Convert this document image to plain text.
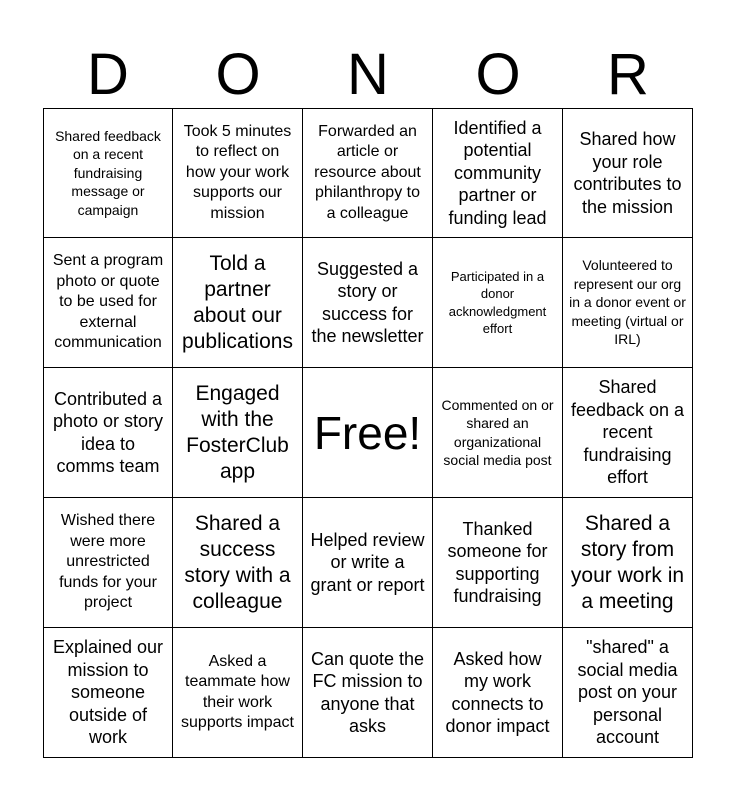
D	O	N	O	R
Shared feedback on a recent fundraising message or campaign
Took 5 minutes to reflect on how your work supports our mission
Forwarded an article or resource about philanthropy to a colleague
Identified a potential community partner or funding lead
Shared how your role contributes to the mission
Sent a program photo or quote to be used for external communication
Told a partner about our publications
Suggested a story or success for the newsletter
Participated in a donor acknowledgment effort
Volunteered to represent our org in a donor event or meeting (virtual or IRL)
Contributed a photo or story idea to comms team
Engaged with the FosterClub app
Free!
Commented on or shared an organizational social media post
Shared feedback on a recent fundraising effort
Wished there were more unrestricted funds for your project
Shared a success story with a colleague
Helped review or write a grant or report
Thanked someone for supporting fundraising
Shared a story from your work in a meeting
Explained our mission to someone outside of work
Asked a teammate how their work supports impact
Can quote the FC mission to anyone that asks
Asked how my work connects to donor impact
"shared" a social media post on your personal account
